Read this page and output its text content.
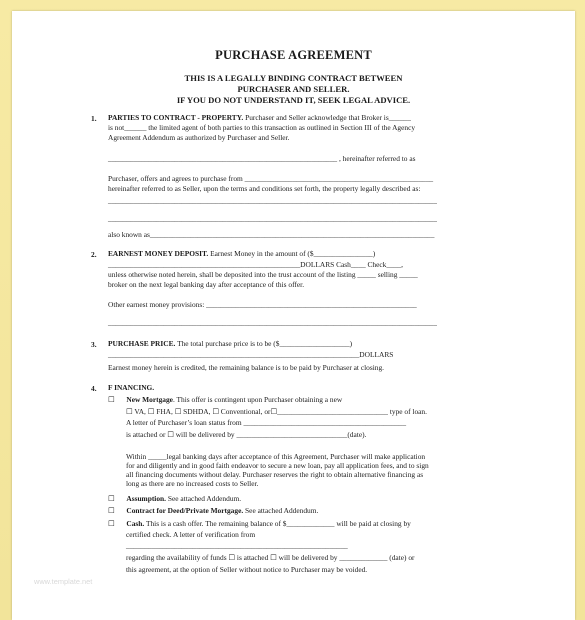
PURCHASE AGREEMENT
THIS IS A LEGALLY BINDING CONTRACT BETWEEN
PURCHASER AND SELLER.
IF YOU DO NOT UNDERSTAND IT, SEEK LEGAL ADVICE.
1. PARTIES TO CONTRACT - PROPERTY. Purchaser and Seller acknowledge that Broker is______
is not______ the limited agent of both parties to this transaction as outlined in Section III of the Agency
Agreement Addendum as authorized by Purchaser and Seller.
______________________________________________________________ , hereinafter referred to as
Purchaser, offers and agrees to purchase from ___________________________________________________
hereinafter referred to as Seller, upon the terms and conditions set forth, the property legally described as:
_________________________________________________________________________________________
_________________________________________________________________________________________
also known as_____________________________________________________________________________
2. EARNEST MONEY DEPOSIT. Earnest Money in the amount of ($________________)
____________________________________________________DOLLARS Cash____ Check____,
unless otherwise noted herein, shall be deposited into the trust account of the listing _____ selling _____
broker on the next legal banking day after acceptance of this offer.
Other earnest money provisions: _________________________________________________________
_________________________________________________________________________________________
3. PURCHASE PRICE. The total purchase price is to be ($___________________)
____________________________________________________________________DOLLARS
Earnest money herein is credited, the remaining balance is to be paid by Purchaser at closing.
4. F INANCING.
☐ New Mortgage. This offer is contingent upon Purchaser obtaining a new
☐ VA, ☐ FHA, ☐ SDHDA, ☐ Conventional, or☐______________________________ type of loan.
A letter of Purchaser’s loan status from ____________________________________________
is attached or ☐ will be delivered by ______________________________(date).
Within _____legal banking days after acceptance of this Agreement, Purchaser will make application
for and diligently and in good faith endeavor to secure a new loan, pay all application fees, and to sign
all financing documents without delay. Purchaser reserves the right to obtain alternative financing as
long as there are no increased costs to Seller.
☐ Assumption. See attached Addendum.
☐ Contract for Deed/Private Mortgage. See attached Addendum.
☐ Cash. This is a cash offer. The remaining balance of $_____________ will be paid at closing by
certified check. A letter of verification from
____________________________________________________________
regarding the availability of funds ☐ is attached ☐ will be delivered by _____________ (date) or
this agreement, at the option of Seller without notice to Purchaser may be voided.
www.template.net
